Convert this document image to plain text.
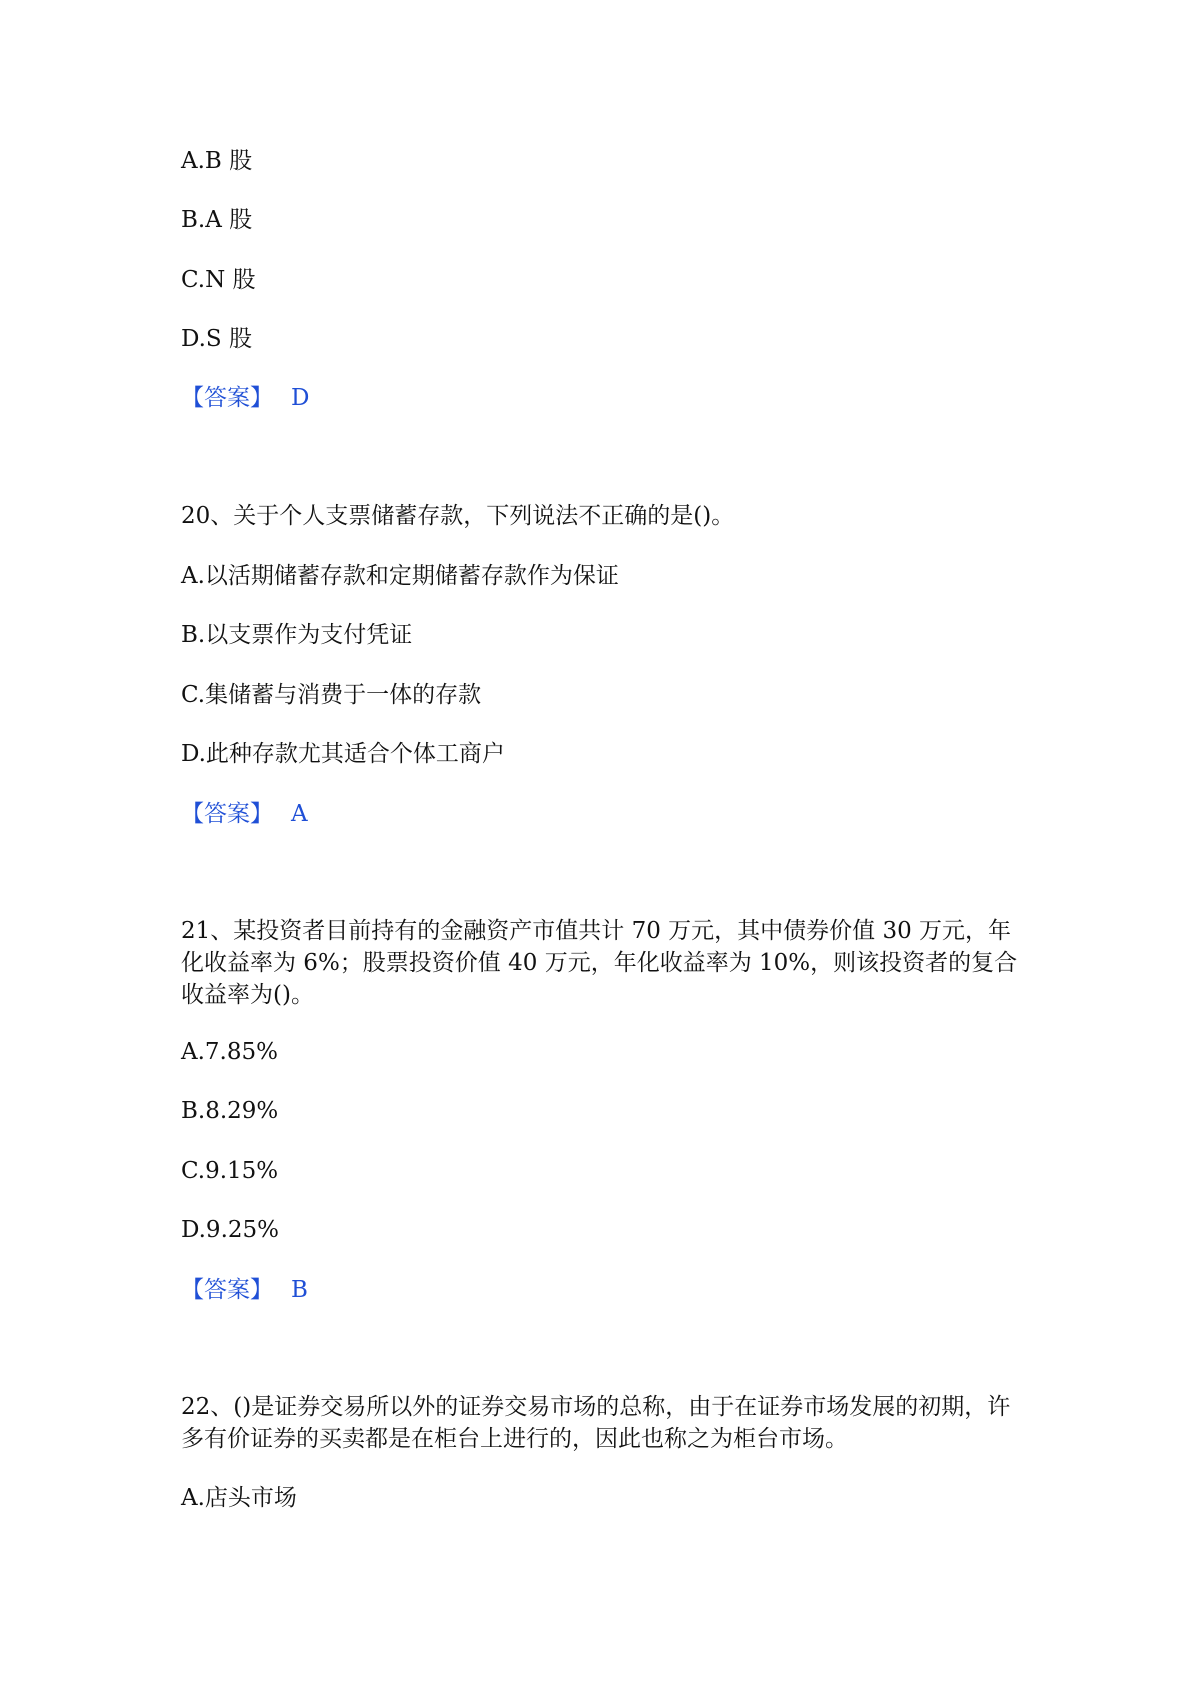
A.B 股

B.A 股

C.N 股

D.S 股

【答案】 D

20、关于个人支票储蓄存款，下列说法不正确的是()。

A.以活期储蓄存款和定期储蓄存款作为保证

B.以支票作为支付凭证

C.集储蓄与消费于一体的存款

D.此种存款尤其适合个体工商户

【答案】 A

21、某投资者目前持有的金融资产市值共计 70 万元，其中债券价值 30 万元，年化收益率为 6%；股票投资价值 40 万元，年化收益率为 10%，则该投资者的复合收益率为()。

A.7.85%

B.8.29%

C.9.15%

D.9.25%

【答案】 B

22、()是证券交易所以外的证券交易市场的总称，由于在证券市场发展的初期，许多有价证券的买卖都是在柜台上进行的，因此也称之为柜台市场。

A.店头市场
